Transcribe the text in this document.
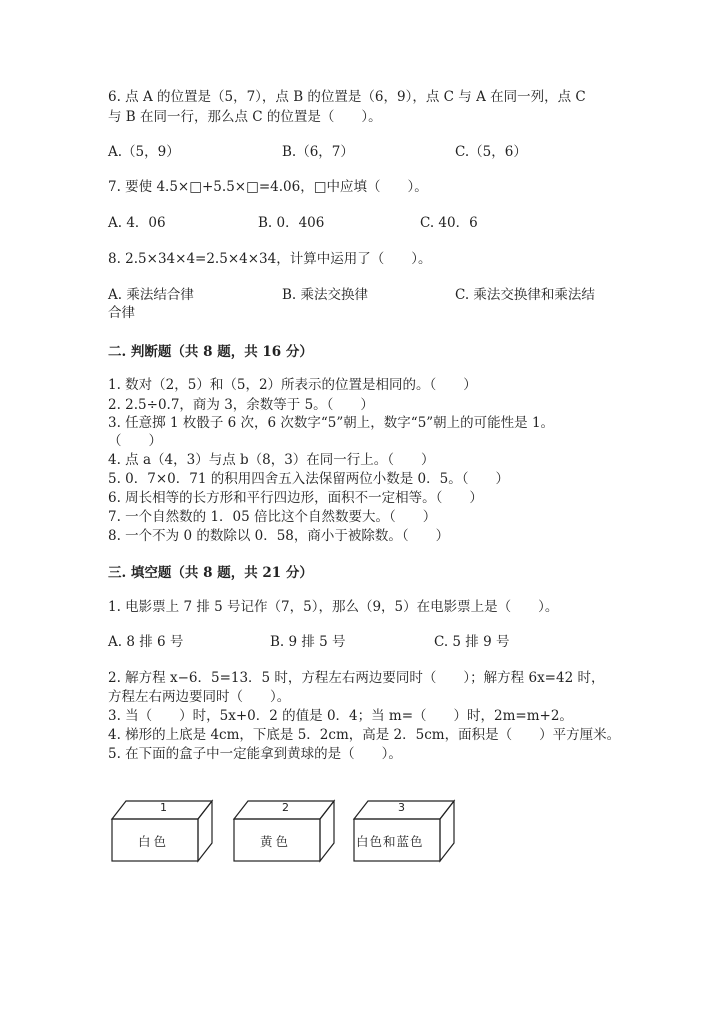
6. 点 A 的位置是（5，7），点 B 的位置是（6，9），点 C 与 A 在同一列，点 C
与 B 在同一行，那么点 C 的位置是（　　）。
A.（5，9）	B.（6，7）	C.（5，6）
7. 要使 4.5×□+5.5×□=4.06，□中应填（　　）。
A. 4．06	B. 0．406	C. 40．6
8. 2.5×34×4=2.5×4×34，计算中运用了（　　）。
A. 乘法结合律	B. 乘法交换律	C. 乘法交换律和乘法结
合律
二. 判断题（共 8 题，共 16 分）
1. 数对（2，5）和（5，2）所表示的位置是相同的。（　　）
2. 2.5÷0.7，商为 3，余数等于 5。（　　）
3. 任意掷 1 枚骰子 6 次，6 次数字“5”朝上，数字“5”朝上的可能性是 1。
（　　）
4. 点 a（4，3）与点 b（8，3）在同一行上。（　　）
5. 0．7×0．71 的积用四舍五入法保留两位小数是 0．5。（　　）
6. 周长相等的长方形和平行四边形，面积不一定相等。（　　）
7. 一个自然数的 1．05 倍比这个自然数要大。（　　）
8. 一个不为 0 的数除以 0．58，商小于被除数。（　　）
三. 填空题（共 8 题，共 21 分）
1. 电影票上 7 排 5 号记作（7，5），那么（9，5）在电影票上是（　　）。
A. 8 排 6 号	B. 9 排 5 号	C. 5 排 9 号
2. 解方程 x−6．5=13．5 时，方程左右两边要同时（　　）；解方程 6x=42 时，
方程左右两边要同时（　　）。
3. 当（　　）时，5x+0．2 的值是 0．4；当 m=（　　）时，2m=m+2。
4. 梯形的上底是 4cm，下底是 5．2cm，高是 2．5cm，面积是（　　）平方厘米。
5. 在下面的盒子中一定能拿到黄球的是（　　）。
1
白色
2
黄色
3
白色和蓝色
